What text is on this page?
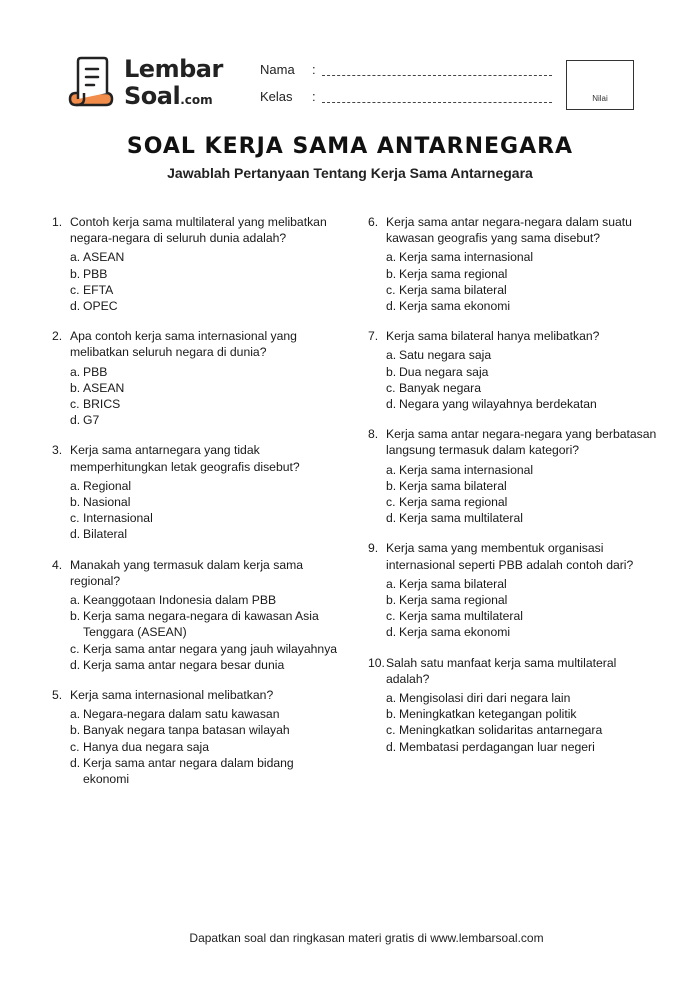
Lembar
Soal.com
Nama :
Kelas :	Nilai
SOAL KERJA SAMA ANTARNEGARA
Jawablah Pertanyaan Tentang Kerja Sama Antarnegara
1. Contoh kerja sama multilateral yang melibatkan negara-negara di seluruh dunia adalah?
a. ASEAN
b. PBB
c. EFTA
d. OPEC
2. Apa contoh kerja sama internasional yang melibatkan seluruh negara di dunia?
a. PBB
b. ASEAN
c. BRICS
d. G7
3. Kerja sama antarnegara yang tidak memperhitungkan letak geografis disebut?
a. Regional
b. Nasional
c. Internasional
d. Bilateral
4. Manakah yang termasuk dalam kerja sama regional?
a. Keanggotaan Indonesia dalam PBB
b. Kerja sama negara-negara di kawasan Asia Tenggara (ASEAN)
c. Kerja sama antar negara yang jauh wilayahnya
d. Kerja sama antar negara besar dunia
5. Kerja sama internasional melibatkan?
a. Negara-negara dalam satu kawasan
b. Banyak negara tanpa batasan wilayah
c. Hanya dua negara saja
d. Kerja sama antar negara dalam bidang ekonomi
6. Kerja sama antar negara-negara dalam suatu kawasan geografis yang sama disebut?
a. Kerja sama internasional
b. Kerja sama regional
c. Kerja sama bilateral
d. Kerja sama ekonomi
7. Kerja sama bilateral hanya melibatkan?
a. Satu negara saja
b. Dua negara saja
c. Banyak negara
d. Negara yang wilayahnya berdekatan
8. Kerja sama antar negara-negara yang berbatasan langsung termasuk dalam kategori?
a. Kerja sama internasional
b. Kerja sama bilateral
c. Kerja sama regional
d. Kerja sama multilateral
9. Kerja sama yang membentuk organisasi internasional seperti PBB adalah contoh dari?
a. Kerja sama bilateral
b. Kerja sama regional
c. Kerja sama multilateral
d. Kerja sama ekonomi
10. Salah satu manfaat kerja sama multilateral adalah?
a. Mengisolasi diri dari negara lain
b. Meningkatkan ketegangan politik
c. Meningkatkan solidaritas antarnegara
d. Membatasi perdagangan luar negeri
Dapatkan soal dan ringkasan materi gratis di www.lembarsoal.com
